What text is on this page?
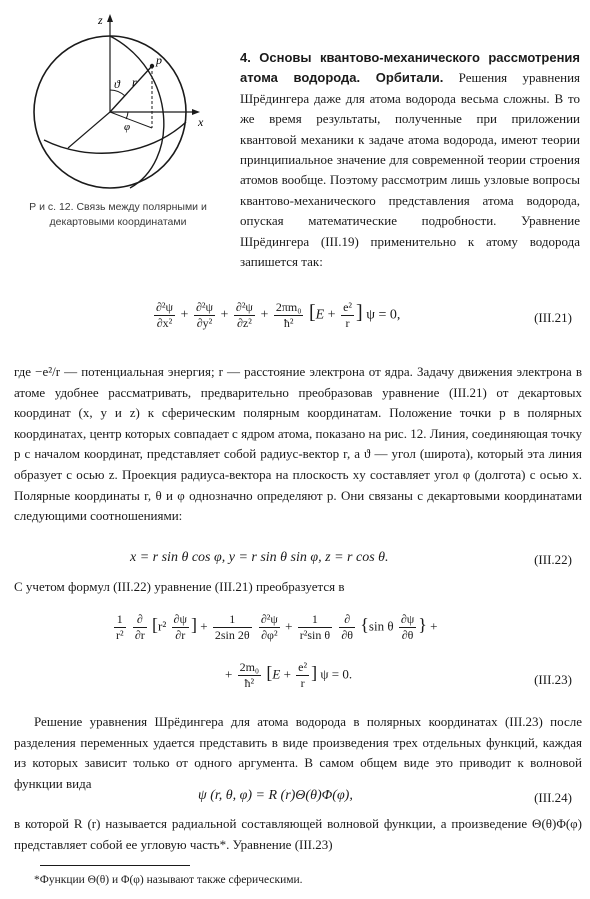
z
x
p
ϑ r
φ
Р и с. 12. Связь между полярными и декартовыми координатами
4. Основы квантово-механического рассмотрения атома водорода. Орбитали. Решения уравнения Шрёдингера даже для атома водорода весьма сложны. В то же время результаты, полученные при приложении квантовой механики к задаче атома водорода, имеют теории принципиальное значение для современной теории строения атомов вообще. Поэтому рассмотрим лишь узловые вопросы квантово-механического представления атома водорода, опуская математические подробности. Уравнение Шрёдингера (III.19) применительно к атому водорода запишется так:
$\frac{\text{∂²ψ}}{\text{∂x²}} + \frac{\text{∂²ψ}}{\text{∂y²}} + \frac{\text{∂²ψ}}{\text{∂z²}} + \frac{\text{2πm₀}}{\text{ħ²}} [E + \frac{\text{e²}}{r}$ ] ψ = 0,	(III.21)
где −e²/r — потенциальная энергия; r — расстояние электрона от ядра. Задачу движения электрона в атоме удобнее рассматривать, предварительно преобразовав уравнение (III.21) от декартовых координат (x, y и z) к сферическим полярным координатам. Положение точки p в полярных координатах, центр которых совпадает с ядром атома, показано на рис. 12. Линия, соединяющая точку p с началом координат, представляет собой радиус-вектор r, а ϑ — угол (широта), который эта линия образует с осью z. Проекция радиуса-вектора на плоскость xy составляет угол φ (долгота) с осью x. Полярные координаты r, θ и φ однозначно определяют p. Они связаны с декартовыми координатами следующими соотношениями:
x = r sin θ cos φ, y = r sin θ sin φ, z = r cos θ.	(III.22)
С учетом формул (III.22) уравнение (III.21) преобразуется в
$\frac{1}{\text{r²}}$
$\frac{\partial}{\partial r} [r^2 \frac{\partial\psi}{\partial r}$ ] + $\frac{1}{2\sin 2\theta}$
$\frac{\text{∂²ψ}}{\text{∂φ²}} + \frac{1}{\text{r²sin θ}}$
$\frac{\partial}{\partial\theta} \{\sin$ θ $\frac{\partial\psi}{\partial\theta}$ } +
+ $\frac{\text{2m₀}}{\text{ħ²}} [E + \frac{\text{e²}}{r}$ ] ψ = 0.	(III.23)
Решение уравнения Шрёдингера для атома водорода в полярных координатах (III.23) после разделения переменных удается представить в виде произведения трех отдельных функций, каждая из которых зависит только от одного аргумента. В самом общем виде это приводит к волновой функции вида
ψ (r, θ, φ) = R (r)Θ(θ)Φ(φ),	(III.24)
в которой R (r) называется радиальной составляющей волновой функции, а произведение Θ(θ)Φ(φ) представляет собой ее угловую часть*. Уравнение (III.23)
*Функции Θ(θ) и Φ(φ) называют также сферическими.
